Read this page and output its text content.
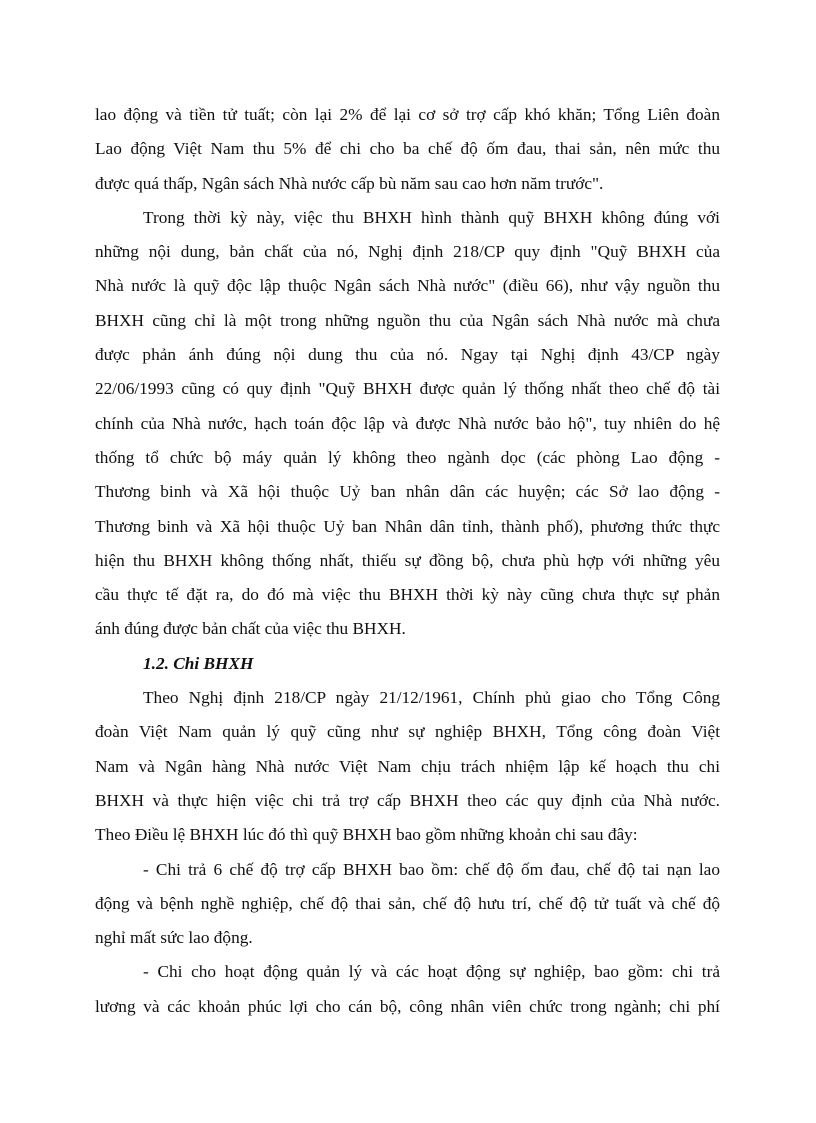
lao động và tiền tử tuất; còn lại 2% để lại cơ sở trợ cấp khó khăn; Tổng Liên đoàn
Lao động Việt Nam thu 5% để chi cho ba chế độ ốm đau, thai sản, nên mức thu
được quá thấp, Ngân sách Nhà nước cấp bù năm sau cao hơn năm trước".
Trong thời kỳ này, việc thu BHXH hình thành quỹ BHXH không đúng với
những nội dung, bản chất của nó, Nghị định 218/CP quy định "Quỹ BHXH của
Nhà nước là quỹ độc lập thuộc Ngân sách Nhà nước" (điều 66), như vậy nguồn thu
BHXH cũng chỉ là một trong những nguồn thu của Ngân sách Nhà nước mà chưa
được phản ánh đúng nội dung thu của nó. Ngay tại Nghị định 43/CP ngày
22/06/1993 cũng có quy định "Quỹ BHXH được quản lý thống nhất theo chế độ tài
chính của Nhà nước, hạch toán độc lập và được Nhà nước bảo hộ", tuy nhiên do hệ
thống tổ chức bộ máy quản lý không theo ngành dọc (các phòng Lao động -
Thương binh và Xã hội thuộc Uỷ ban nhân dân các huyện; các Sở lao động -
Thương binh và Xã hội thuộc Uỷ ban Nhân dân tỉnh, thành phố), phương thức thực
hiện thu BHXH không thống nhất, thiếu sự đồng bộ, chưa phù hợp với những yêu
cầu thực tế đặt ra, do đó mà việc thu BHXH thời kỳ này cũng chưa thực sự phản
ánh đúng được bản chất của việc thu BHXH.
1.2. Chi BHXH
Theo Nghị định 218/CP ngày 21/12/1961, Chính phủ giao cho Tổng Công
đoàn Việt Nam quản lý quỹ cũng như sự nghiệp BHXH, Tổng công đoàn Việt
Nam và Ngân hàng Nhà nước Việt Nam chịu trách nhiệm lập kế hoạch thu chi
BHXH và thực hiện việc chi trả trợ cấp BHXH theo các quy định của Nhà nước.
Theo Điều lệ BHXH lúc đó thì quỹ BHXH bao gồm những khoản chi sau đây:
- Chi trả 6 chế độ trợ cấp BHXH bao ồm: chế độ ốm đau, chế độ tai nạn lao
động và bệnh nghề nghiệp, chế độ thai sản, chế độ hưu trí, chế độ tử tuất và chế độ
nghỉ mất sức lao động.
- Chi cho hoạt động quản lý và các hoạt động sự nghiệp, bao gồm: chi trả
lương và các khoản phúc lợi cho cán bộ, công nhân viên chức trong ngành; chi phí
